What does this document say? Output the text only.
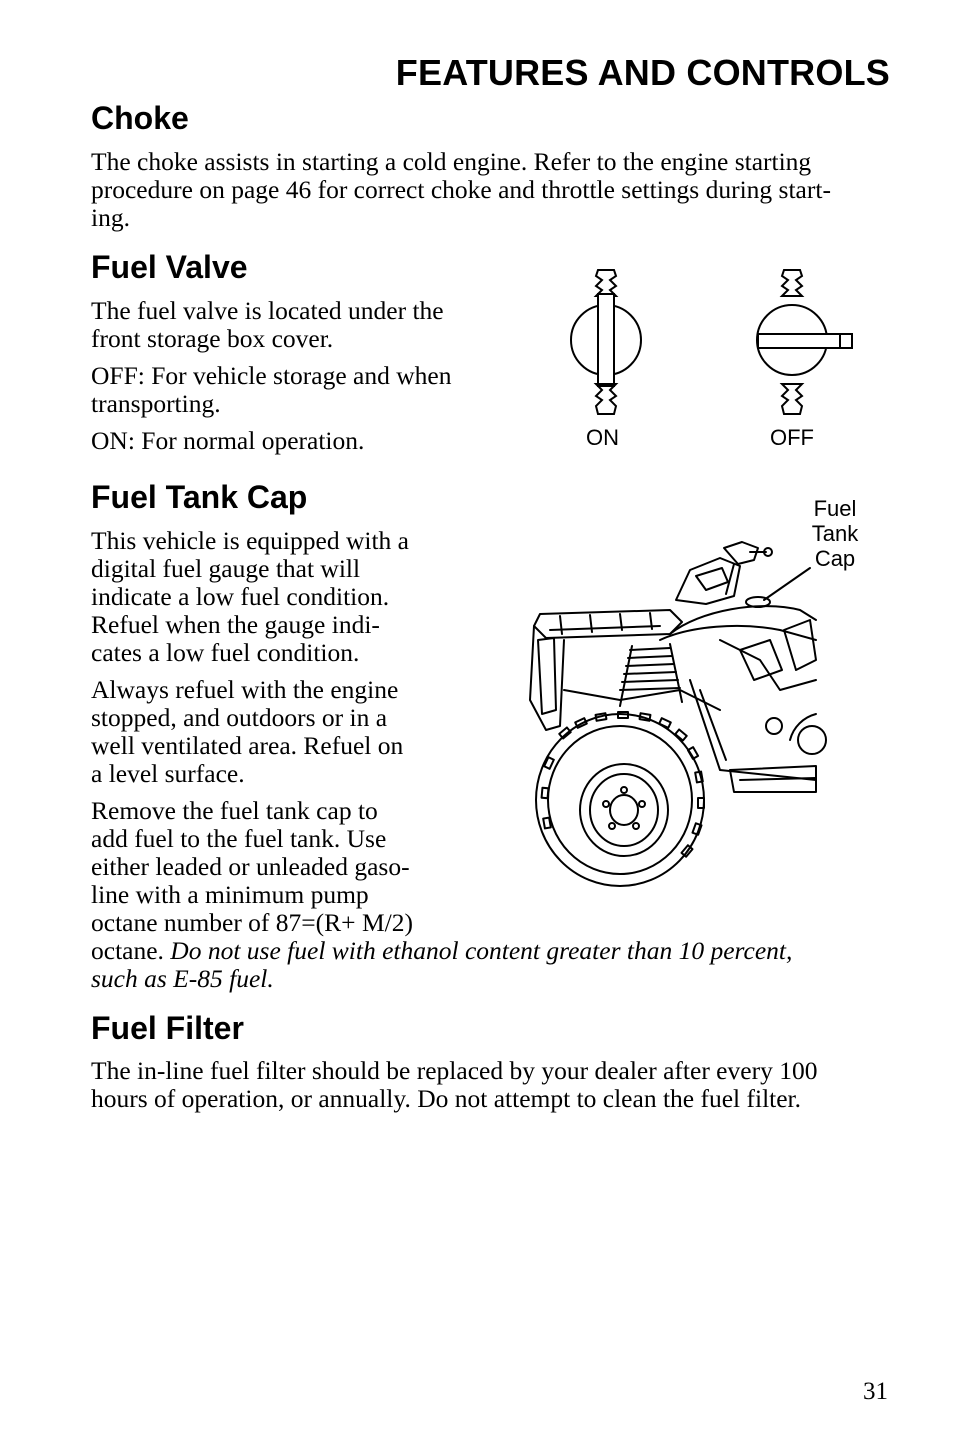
FEATURES AND CONTROLS
Choke

The choke assists in starting a cold engine. Refer to the engine starting
procedure on page 46 for correct choke and throttle settings during start-
ing.

Fuel Valve

The fuel valve is located under the
front storage box cover.

OFF: For vehicle storage and when
transporting.

ON: For normal operation.	ON	OFF
Fuel Tank Cap

This vehicle is equipped with a
digital fuel gauge that will
indicate a low fuel condition.
Refuel when the gauge indi-
cates a low fuel condition.

Always refuel with the engine
stopped, and outdoors or in a
well ventilated area. Refuel on
a level surface.

Remove the fuel tank cap to
add fuel to the fuel tank. Use
either leaded or unleaded gaso-
line with a minimum pump
octane number of 87=(R+ M/2)
octane. Do not use fuel with ethanol content greater than 10 percent,
such as E-85 fuel.

Fuel
Tank
Cap
Fuel Filter

The in-line fuel filter should be replaced by your dealer after every 100
hours of operation, or annually. Do not attempt to clean the fuel filter.

31
